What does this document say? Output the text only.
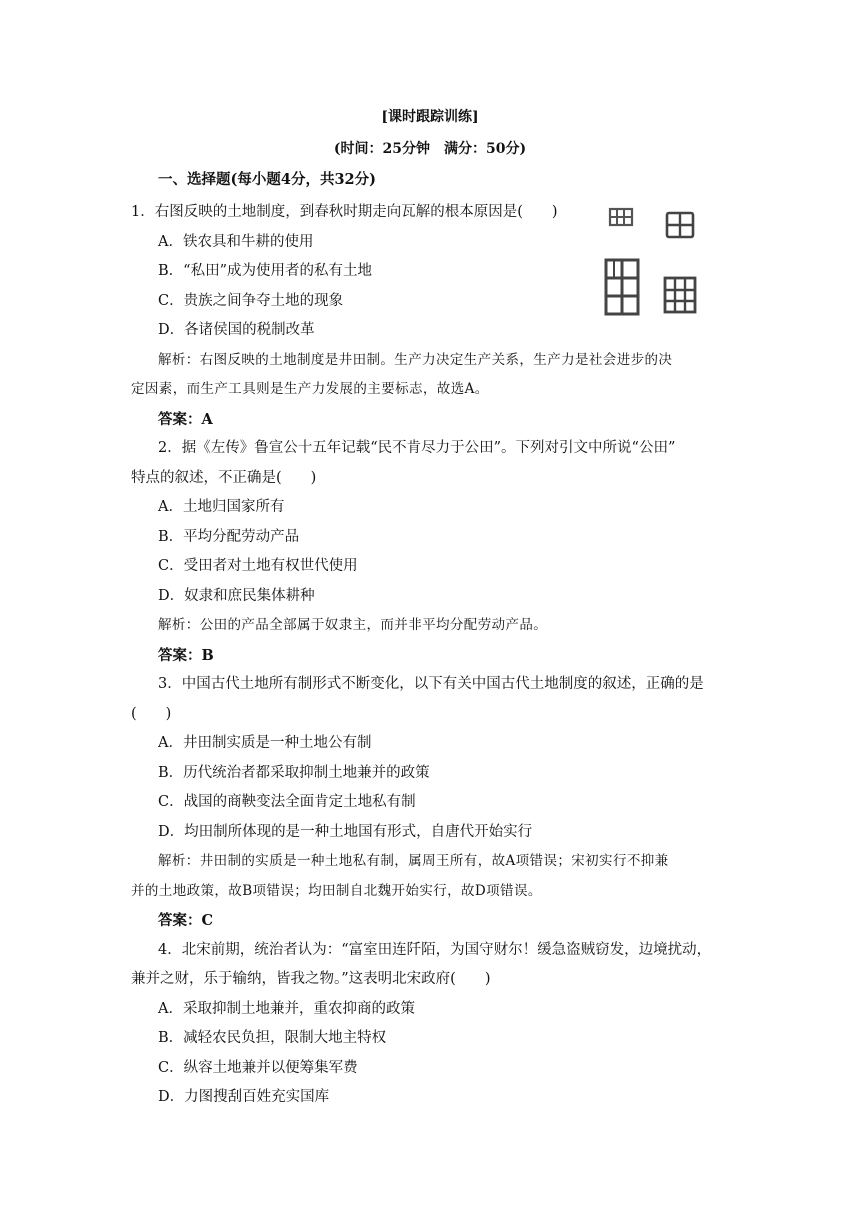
[课时跟踪训练]
(时间：25分钟　满分：50分)
一、选择题(每小题4分，共32分)
1．右图反映的土地制度，到春秋时期走向瓦解的根本原因是(　　)
A．铁农具和牛耕的使用
B．“私田”成为使用者的私有土地
C．贵族之间争夺土地的现象
D．各诸侯国的税制改革
解析：右图反映的土地制度是井田制。生产力决定生产关系，生产力是社会进步的决
定因素，而生产工具则是生产力发展的主要标志，故选A。
答案：A
2．据《左传》鲁宣公十五年记载“民不肯尽力于公田”。下列对引文中所说“公田”
特点的叙述，不正确是(　　)
A．土地归国家所有
B．平均分配劳动产品
C．受田者对土地有权世代使用
D．奴隶和庶民集体耕种
解析：公田的产品全部属于奴隶主，而并非平均分配劳动产品。
答案：B
3．中国古代土地所有制形式不断变化，以下有关中国古代土地制度的叙述，正确的是
(　　)
A．井田制实质是一种土地公有制
B．历代统治者都采取抑制土地兼并的政策
C．战国的商鞅变法全面肯定土地私有制
D．均田制所体现的是一种土地国有形式，自唐代开始实行
解析：井田制的实质是一种土地私有制，属周王所有，故A项错误；宋初实行不抑兼
并的土地政策，故B项错误；均田制自北魏开始实行，故D项错误。
答案：C
4．北宋前期，统治者认为：“富室田连阡陌，为国守财尔！缓急盗贼窃发，边境扰动，
兼并之财，乐于输纳，皆我之物。”这表明北宋政府(　　)
A．采取抑制土地兼并，重农抑商的政策
B．减轻农民负担，限制大地主特权
C．纵容土地兼并以便筹集军费
D．力图搜刮百姓充实国库
